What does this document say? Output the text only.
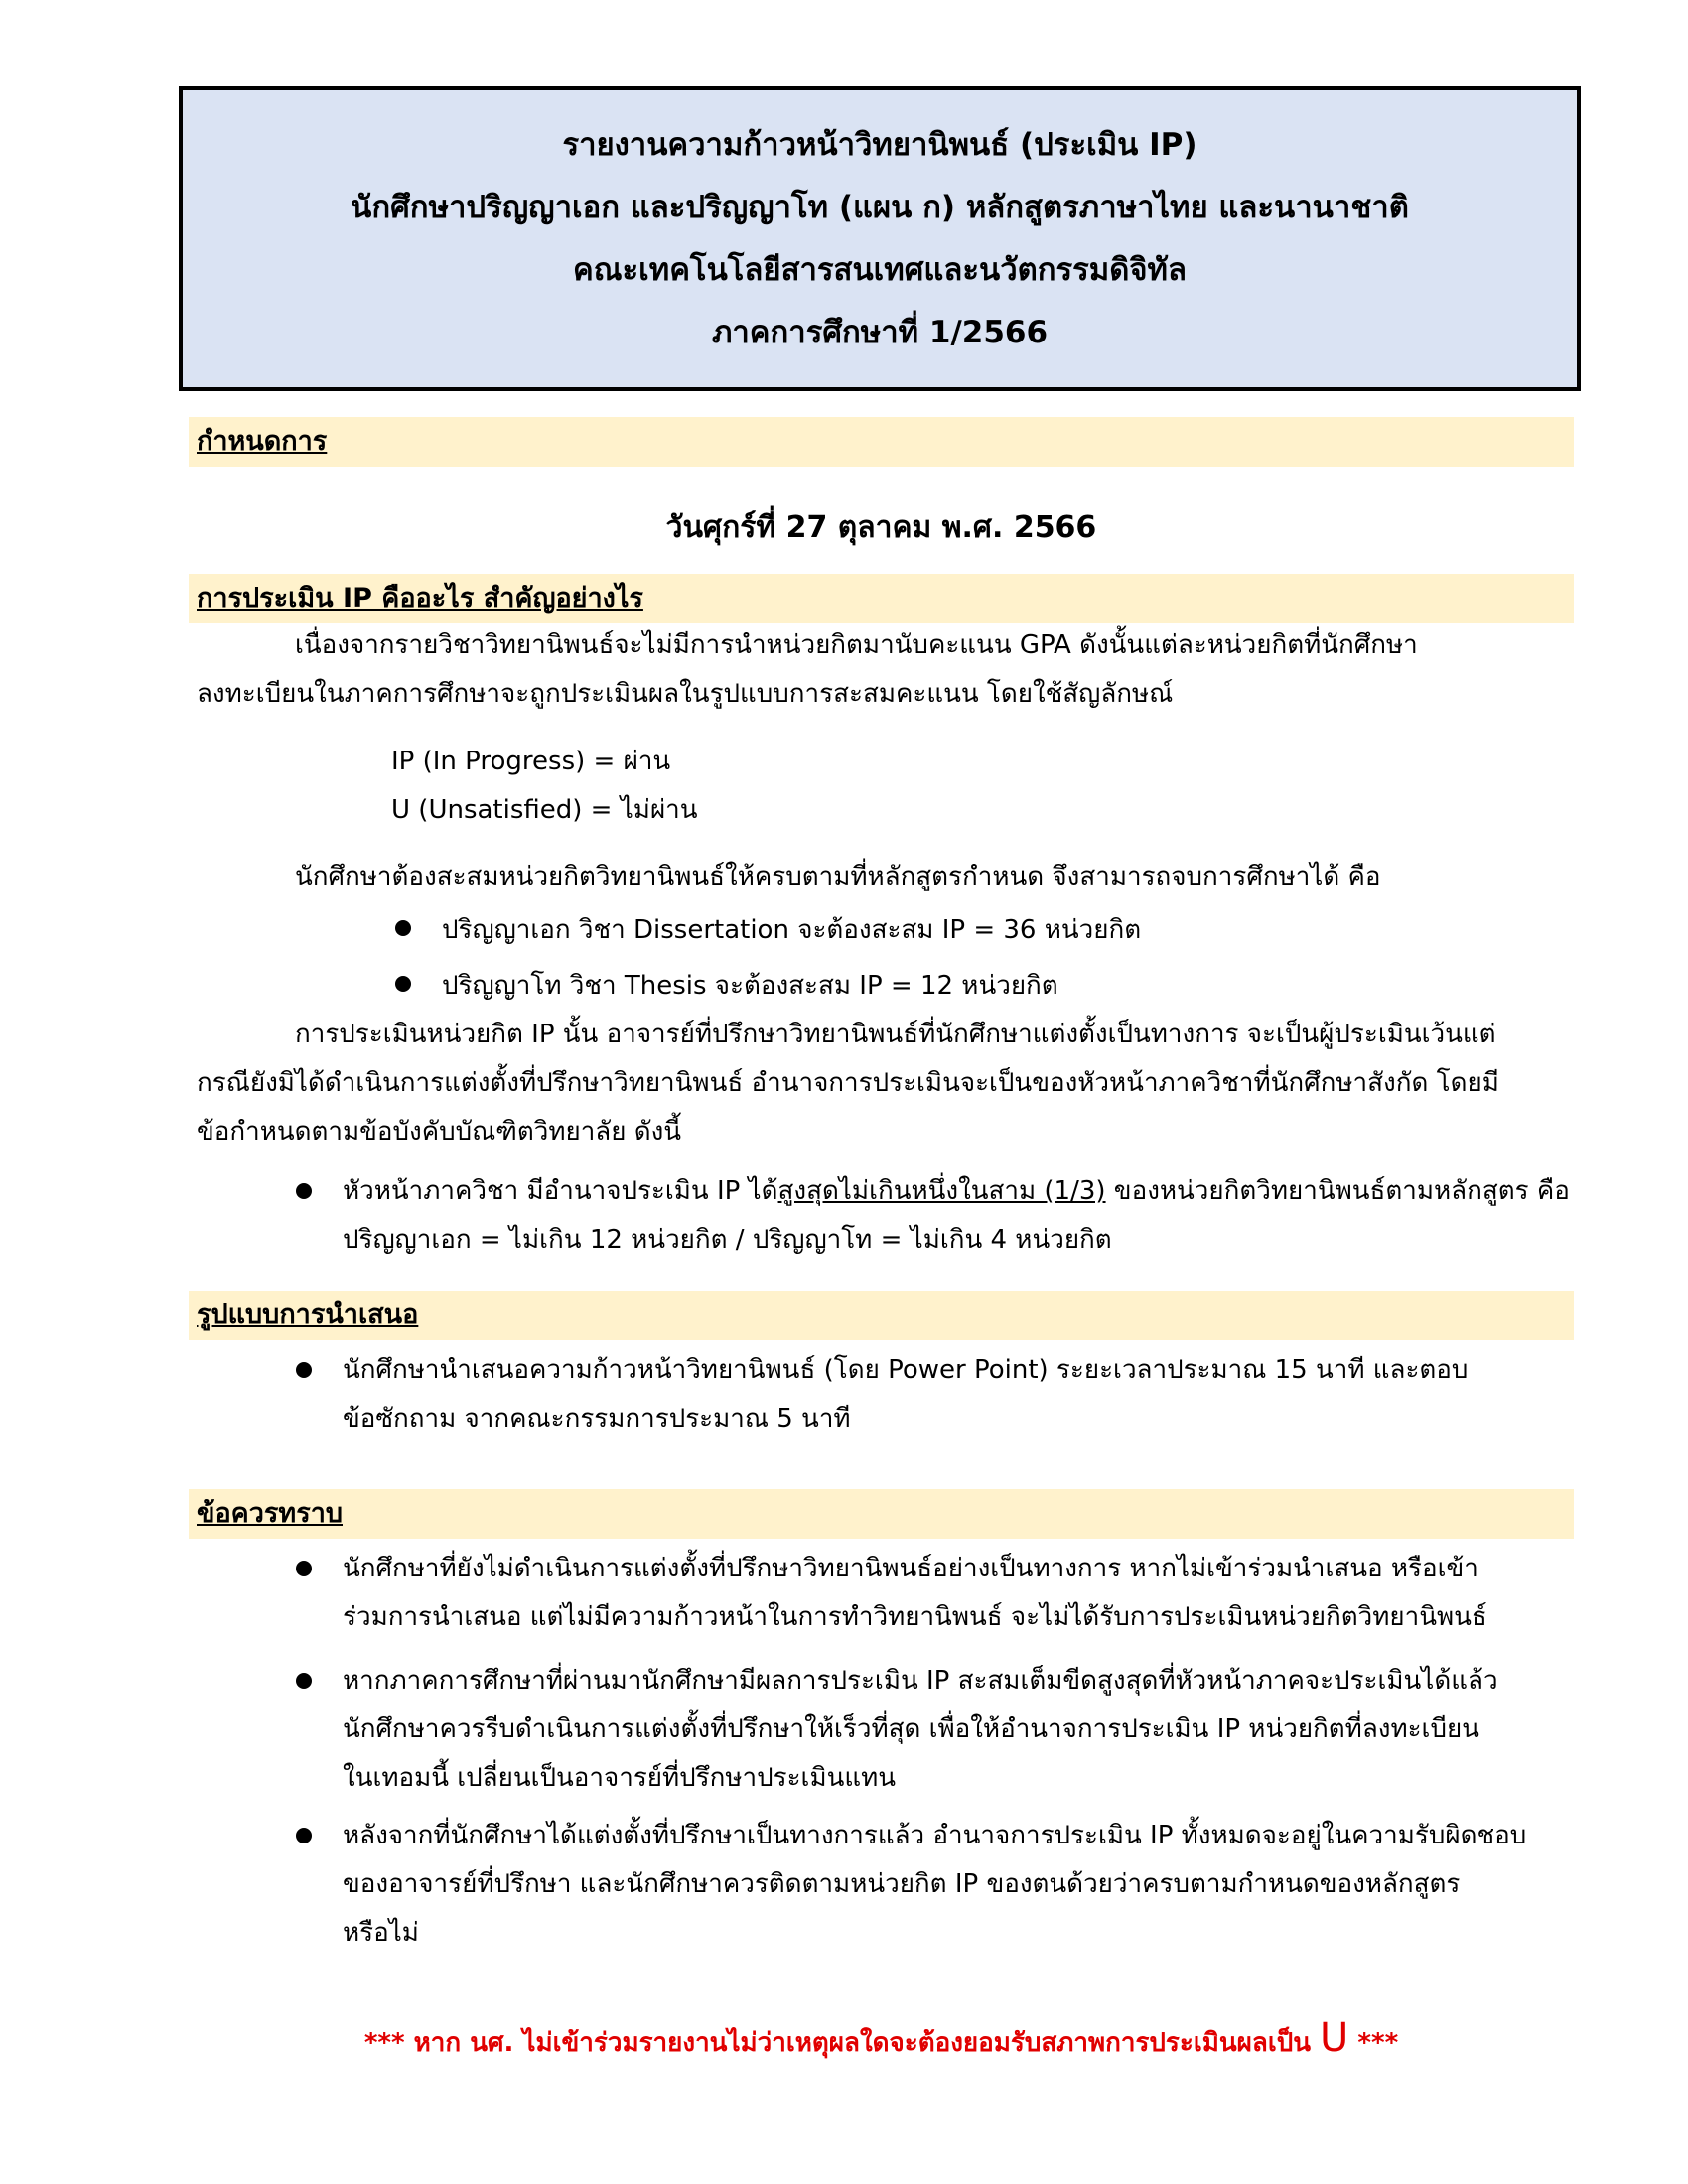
รายงานความก้าวหน้าวิทยานิพนธ์ (ประเมิน IP)
นักศึกษาปริญญาเอก และปริญญาโท (แผน ก) หลักสูตรภาษาไทย และนานาชาติ
คณะเทคโนโลยีสารสนเทศและนวัตกรรมดิจิทัล
ภาคการศึกษาที่ 1/2566
กำหนดการ
วันศุกร์ที่ 27 ตุลาคม พ.ศ. 2566
การประเมิน IP คืออะไร สำคัญอย่างไร
เนื่องจากรายวิชาวิทยานิพนธ์จะไม่มีการนำหน่วยกิตมานับคะแนน GPA ดังนั้นแต่ละหน่วยกิตที่นักศึกษา
ลงทะเบียนในภาคการศึกษาจะถูกประเมินผลในรูปแบบการสะสมคะแนน โดยใช้สัญลักษณ์
IP (In Progress) = ผ่าน
U (Unsatisfied) = ไม่ผ่าน
นักศึกษาต้องสะสมหน่วยกิตวิทยานิพนธ์ให้ครบตามที่หลักสูตรกำหนด จึงสามารถจบการศึกษาได้ คือ
ปริญญาเอก วิชา Dissertation จะต้องสะสม IP = 36 หน่วยกิต
ปริญญาโท วิชา Thesis จะต้องสะสม IP = 12 หน่วยกิต
การประเมินหน่วยกิต IP นั้น อาจารย์ที่ปรึกษาวิทยานิพนธ์ที่นักศึกษาแต่งตั้งเป็นทางการ จะเป็นผู้ประเมินเว้นแต่
กรณียังมิได้ดำเนินการแต่งตั้งที่ปรึกษาวิทยานิพนธ์ อำนาจการประเมินจะเป็นของหัวหน้าภาควิชาที่นักศึกษาสังกัด โดยมี
ข้อกำหนดตามข้อบังคับบัณฑิตวิทยาลัย ดังนี้
หัวหน้าภาควิชา มีอำนาจประเมิน IP ได้สูงสุดไม่เกินหนึ่งในสาม (1/3) ของหน่วยกิตวิทยานิพนธ์ตามหลักสูตร คือ
ปริญญาเอก = ไม่เกิน 12 หน่วยกิต / ปริญญาโท = ไม่เกิน 4 หน่วยกิต
รูปแบบการนำเสนอ
นักศึกษานำเสนอความก้าวหน้าวิทยานิพนธ์ (โดย Power Point) ระยะเวลาประมาณ 15 นาที และตอบ
ข้อซักถาม จากคณะกรรมการประมาณ 5 นาที
ข้อควรทราบ
นักศึกษาที่ยังไม่ดำเนินการแต่งตั้งที่ปรึกษาวิทยานิพนธ์อย่างเป็นทางการ หากไม่เข้าร่วมนำเสนอ หรือเข้า
ร่วมการนำเสนอ แต่ไม่มีความก้าวหน้าในการทำวิทยานิพนธ์ จะไม่ได้รับการประเมินหน่วยกิตวิทยานิพนธ์
หากภาคการศึกษาที่ผ่านมานักศึกษามีผลการประเมิน IP สะสมเต็มขีดสูงสุดที่หัวหน้าภาคจะประเมินได้แล้ว
นักศึกษาควรรีบดำเนินการแต่งตั้งที่ปรึกษาให้เร็วที่สุด เพื่อให้อำนาจการประเมิน IP หน่วยกิตที่ลงทะเบียน
ในเทอมนี้ เปลี่ยนเป็นอาจารย์ที่ปรึกษาประเมินแทน
หลังจากที่นักศึกษาได้แต่งตั้งที่ปรึกษาเป็นทางการแล้ว อำนาจการประเมิน IP ทั้งหมดจะอยู่ในความรับผิดชอบ
ของอาจารย์ที่ปรึกษา และนักศึกษาควรติดตามหน่วยกิต IP ของตนด้วยว่าครบตามกำหนดของหลักสูตร
หรือไม่
*** หาก นศ. ไม่เข้าร่วมรายงานไม่ว่าเหตุผลใดจะต้องยอมรับสภาพการประเมินผลเป็น U ***
